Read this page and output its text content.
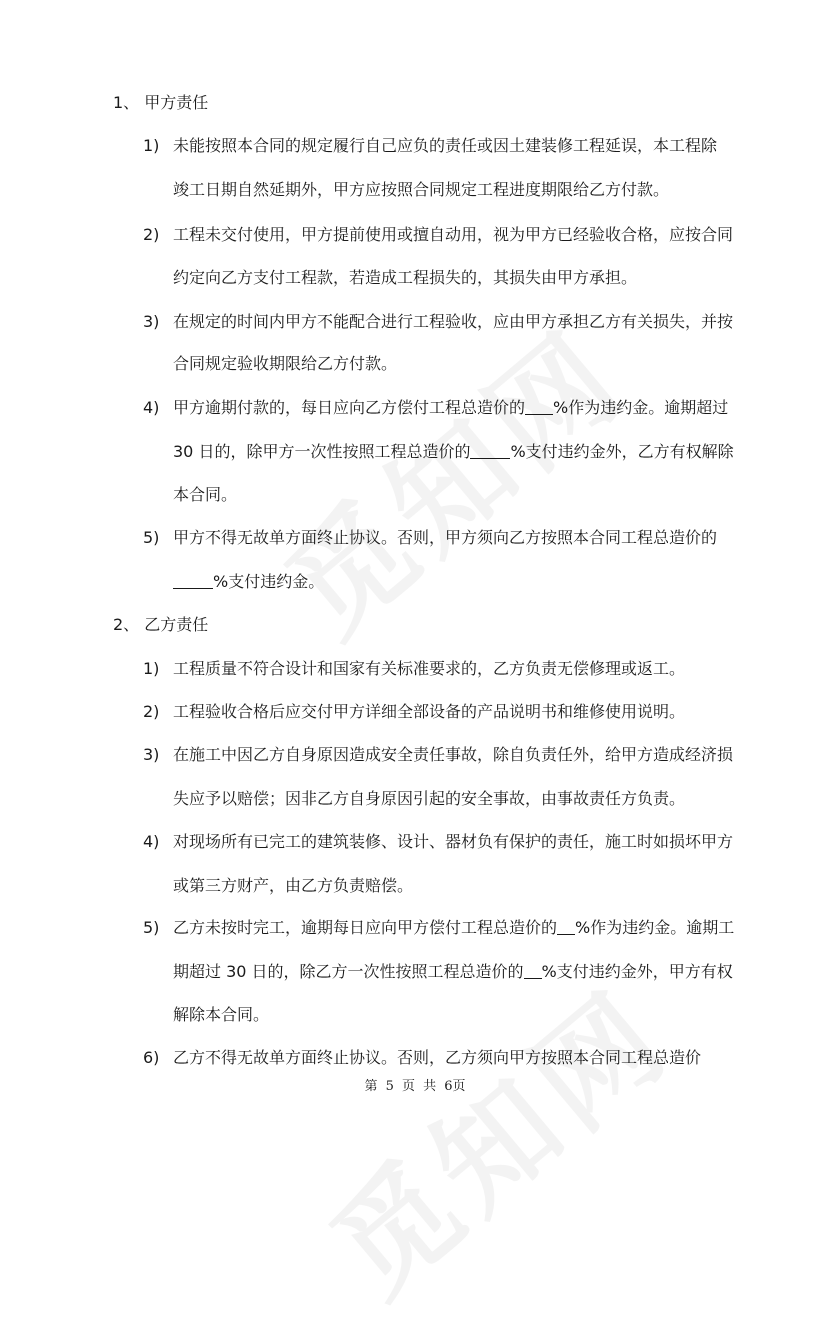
1、 甲方责任
1) 未能按照本合同的规定履行自己应负的责任或因土建装修工程延误，本工程除
竣工日期自然延期外，甲方应按照合同规定工程进度期限给乙方付款。
2) 工程未交付使用，甲方提前使用或擅自动用，视为甲方已经验收合格，应按合同
约定向乙方支付工程款，若造成工程损失的，其损失由甲方承担。
3) 在规定的时间内甲方不能配合进行工程验收，应由甲方承担乙方有关损失，并按
合同规定验收期限给乙方付款。
4) 甲方逾期付款的，每日应向乙方偿付工程总造价的 %作为违约金。逾期超过
30 日的，除甲方一次性按照工程总造价的	%支付违约金外，乙方有权解除
本合同。
5) 甲方不得无故单方面终止协议。否则，甲方须向乙方按照本合同工程总造价的
%支付违约金。
2、 乙方责任
1) 工程质量不符合设计和国家有关标准要求的，乙方负责无偿修理或返工。
2) 工程验收合格后应交付甲方详细全部设备的产品说明书和维修使用说明。
3) 在施工中因乙方自身原因造成安全责任事故，除自负责任外，给甲方造成经济损
失应予以赔偿；因非乙方自身原因引起的安全事故，由事故责任方负责。
4) 对现场所有已完工的建筑装修、设计、器材负有保护的责任，施工时如损坏甲方
或第三方财产，由乙方负责赔偿。
5) 乙方未按时完工，逾期每日应向甲方偿付工程总造价的 %作为违约金。逾期工
期超过 30 日的，除乙方一次性按照工程总造价的 %支付违约金外，甲方有权
解除本合同。
6) 乙方不得无故单方面终止协议。否则，乙方须向甲方按照本合同工程总造价
第 5 页 共 6页
